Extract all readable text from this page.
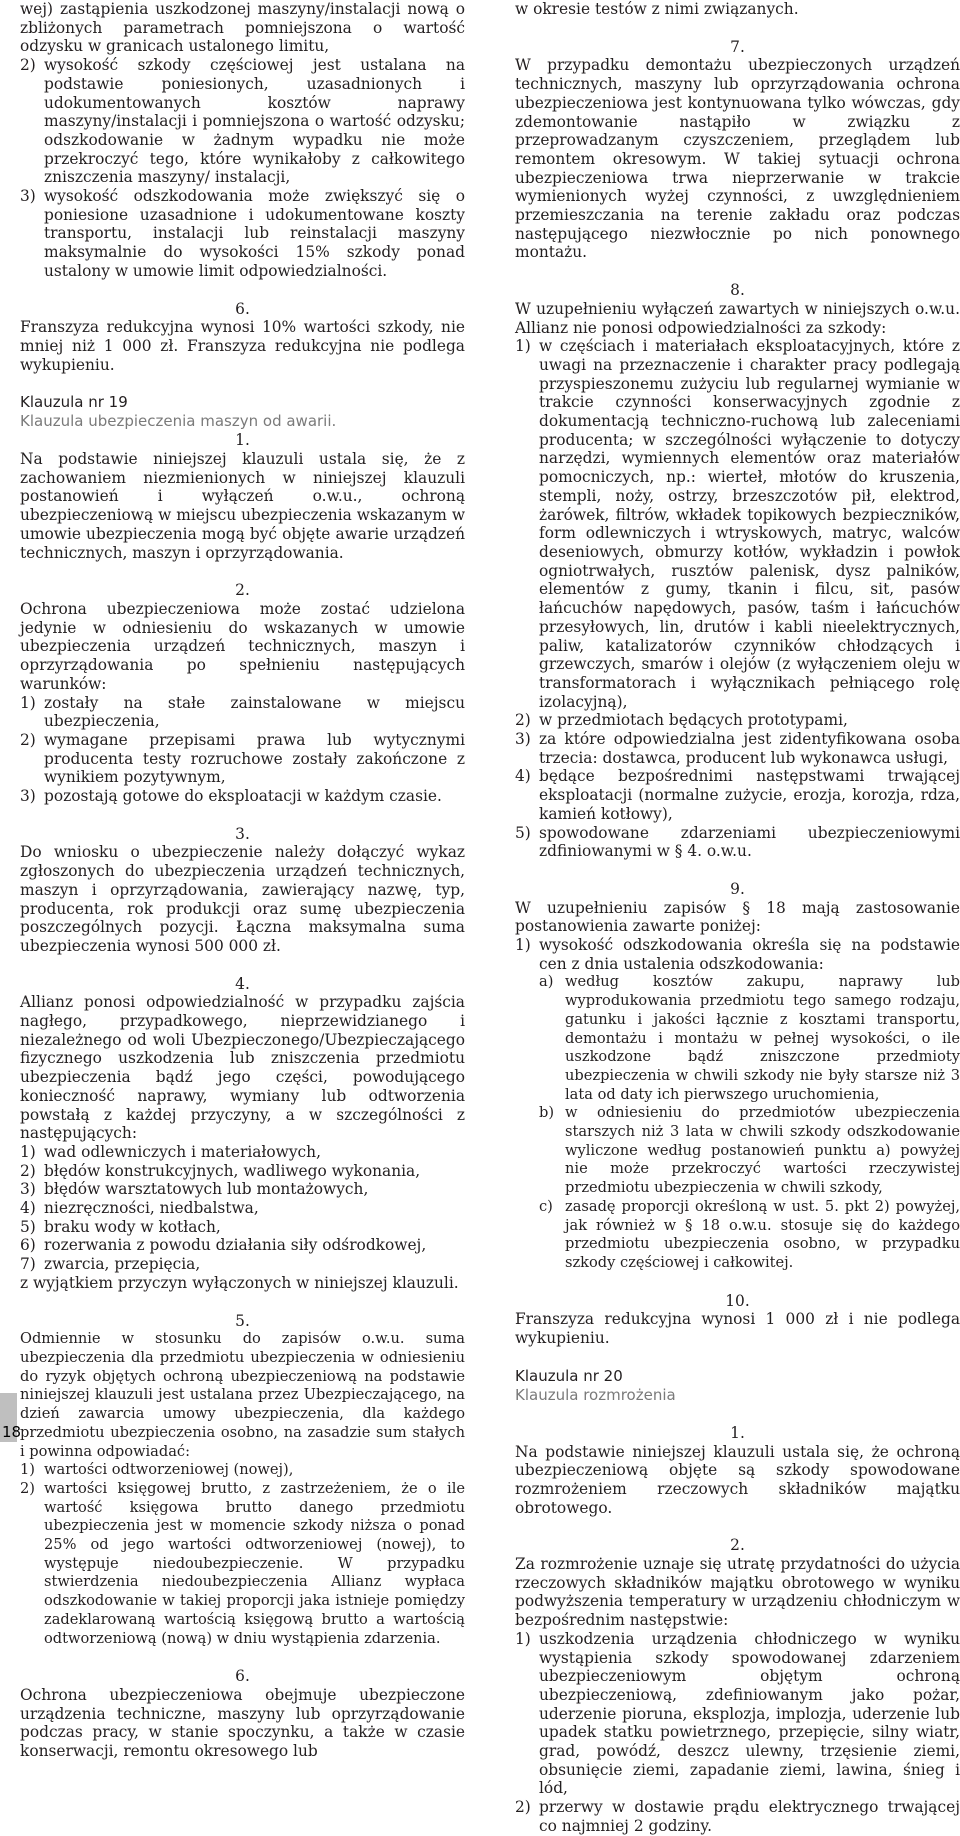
wej) zastąpienia uszkodzonej maszyny/instalacji nową o zbliżonych parametrach pomniejszona o wartość odzysku w granicach ustalonego limitu,

2) wysokość szkody częściowej jest ustalana na podstawie poniesionych, uzasadnionych i udokumentowanych kosztów naprawy maszyny/instalacji i pomniejszona o wartość odzysku; odszkodowanie w żadnym wypadku nie może przekroczyć tego, które wynikałoby z całkowitego zniszczenia maszyny/ instalacji,
3) wysokość odszkodowania może zwiększyć się o poniesione uzasadnione i udokumentowane koszty transportu, instalacji lub reinstalacji maszyny maksymalnie do wysokości 15% szkody ponad ustalony w umowie limit odpowiedzialności.

6.

Franszyza redukcyjna wynosi 10% wartości szkody, nie mniej niż 1 000 zł. Franszyza redukcyjna nie podlega wykupieniu.

Klauzula nr 19
Klauzula ubezpieczenia maszyn od awarii.

1.

Na podstawie niniejszej klauzuli ustala się, że z zachowaniem niezmienionych w niniejszej klauzuli postanowień i wyłączeń o.w.u., ochroną ubezpieczeniową w miejscu ubezpieczenia wskazanym w umowie ubezpieczenia mogą być objęte awarie urządzeń technicznych, maszyn i oprzyrządowania.

2.

Ochrona ubezpieczeniowa może zostać udzielona jedynie w odniesieniu do wskazanych w umowie ubezpieczenia urządzeń technicznych, maszyn i oprzyrządowania po spełnieniu następujących warunków:

1) zostały na stałe zainstalowane w miejscu ubezpieczenia,
2) wymagane przepisami prawa lub wytycznymi producenta testy rozruchowe zostały zakończone z wynikiem pozytywnym,
3) pozostają gotowe do eksploatacji w każdym czasie.

3.

Do wniosku o ubezpieczenie należy dołączyć wykaz zgłoszonych do ubezpieczenia urządzeń technicznych, maszyn i oprzyrządowania, zawierający nazwę, typ, producenta, rok produkcji oraz sumę ubezpieczenia poszczególnych pozycji. Łączna maksymalna suma ubezpieczenia wynosi 500 000 zł.

4.

Allianz ponosi odpowiedzialność w przypadku zajścia nagłego, przypadkowego, nieprzewidzianego i niezależnego od woli Ubezpieczonego/Ubezpieczającego fizycznego uszkodzenia lub zniszczenia przedmiotu ubezpieczenia bądź jego części, powodującego konieczność naprawy, wymiany lub odtworzenia powstałą z każdej przyczyny, a w szczególności z następujących:

1) wad odlewniczych i materiałowych,
2) błędów konstrukcyjnych, wadliwego wykonania,
3) błędów warsztatowych lub montażowych,
4) niezręczności, niedbalstwa,
5) braku wody w kotłach,
6) rozerwania z powodu działania siły odśrodkowej,
7) zwarcia, przepięcia,

z wyjątkiem przyczyn wyłączonych w niniejszej klauzuli.

5.

Odmiennie w stosunku do zapisów o.w.u. suma ubezpieczenia dla przedmiotu ubezpieczenia w odniesieniu do ryzyk objętych ochroną ubezpieczeniową na podstawie niniejszej klauzuli jest ustalana przez Ubezpieczającego, na dzień zawarcia umowy ubezpieczenia, dla każdego przedmiotu ubezpieczenia osobno, na zasadzie sum stałych i powinna odpowiadać:

1) wartości odtworzeniowej (nowej),
2) wartości księgowej brutto, z zastrzeżeniem, że o ile wartość księgowa brutto danego przedmiotu ubezpieczenia jest w momencie szkody niższa o ponad 25% od jego wartości odtworzeniowej (nowej), to występuje niedoubezpieczenie. W przypadku stwierdzenia niedoubezpieczenia Allianz wypłaca odszkodowanie w takiej proporcji jaka istnieje pomiędzy zadeklarowaną wartością księgową brutto a wartością odtworzeniową (nową) w dniu wystąpienia zdarzenia.

6.

Ochrona ubezpieczeniowa obejmuje ubezpieczone urządzenia techniczne, maszyny lub oprzyrządowanie podczas pracy, w stanie spoczynku, a także w czasie konserwacji, remontu okresowego lub

w okresie testów z nimi związanych.

7.

W przypadku demontażu ubezpieczonych urządzeń technicznych, maszyny lub oprzyrządowania ochrona ubezpieczeniowa jest kontynuowana tylko wówczas, gdy zdemontowanie nastąpiło w związku z przeprowadzanym czyszczeniem, przeglądem lub remontem okresowym. W takiej sytuacji ochrona ubezpieczeniowa trwa nieprzerwanie w trakcie wymienionych wyżej czynności, z uwzględnieniem przemieszczania na terenie zakładu oraz podczas następującego niezwłocznie po nich ponownego montażu.

8.

W uzupełnieniu wyłączeń zawartych w niniejszych o.w.u. Allianz nie ponosi odpowiedzialności za szkody:

1) w częściach i materiałach eksploatacyjnych, które z uwagi na przeznaczenie i charakter pracy podlegają przyspieszonemu zużyciu lub regularnej wymianie w trakcie czynności konserwacyjnych zgodnie z dokumentacją techniczno-ruchową lub zaleceniami producenta; w szczególności wyłączenie to dotyczy narzędzi, wymiennych elementów oraz materiałów pomocniczych, np.: wierteł, młotów do kruszenia, stempli, noży, ostrzy, brzeszczotów pił, elektrod, żarówek, filtrów, wkładek topikowych bezpieczników, form odlewniczych i wtryskowych, matryc, walców deseniowych, obmurzy kotłów, wykładzin i powłok ogniotrwałych, rusztów palenisk, dysz palników, elementów z gumy, tkanin i filcu, sit, pasów łańcuchów napędowych, pasów, taśm i łańcuchów przesyłowych, lin, drutów i kabli nieelektrycznych, paliw, katalizatorów czynników chłodzących i grzewczych, smarów i olejów (z wyłączeniem oleju w transformatorach i wyłącznikach pełniącego rolę izolacyjną),
2) w przedmiotach będących prototypami,
3) za które odpowiedzialna jest zidentyfikowana osoba trzecia: dostawca, producent lub wykonawca usługi,
4) będące bezpośrednimi następstwami trwającej eksploatacji (normalne zużycie, erozja, korozja, rdza, kamień kotłowy),
5) spowodowane zdarzeniami ubezpieczeniowymi zdfiniowanymi w § 4. o.w.u.

9.

W uzupełnieniu zapisów § 18 mają zastosowanie postanowienia zawarte poniżej:

1) wysokość odszkodowania określa się na podstawie cen z dnia ustalenia odszkodowania:
a) według kosztów zakupu, naprawy lub wyprodukowania przedmiotu tego samego rodzaju, gatunku i jakości łącznie z kosztami transportu, demontażu i montażu w pełnej wysokości, o ile uszkodzone bądź zniszczone przedmioty ubezpieczenia w chwili szkody nie były starsze niż 3 lata od daty ich pierwszego uruchomienia,
b) w odniesieniu do przedmiotów ubezpieczenia starszych niż 3 lata w chwili szkody odszkodowanie wyliczone według postanowień punktu a) powyżej nie może przekroczyć wartości rzeczywistej przedmiotu ubezpieczenia w chwili szkody,
c) zasadę proporcji określoną w ust. 5. pkt 2) powyżej, jak również w § 18 o.w.u. stosuje się do każdego przedmiotu ubezpieczenia osobno, w przypadku szkody częściowej i całkowitej.

10.

Franszyza redukcyjna wynosi 1 000 zł i nie podlega wykupieniu.

Klauzula nr 20
Klauzula rozmrożenia

1.

Na podstawie niniejszej klauzuli ustala się, że ochroną ubezpieczeniową objęte są szkody spowodowane rozmrożeniem rzeczowych składników majątku obrotowego.

2.

Za rozmrożenie uznaje się utratę przydatności do użycia rzeczowych składników majątku obrotowego w wyniku podwyższenia temperatury w urządzeniu chłodniczym w bezpośrednim następstwie:

1) uszkodzenia urządzenia chłodniczego w wyniku wystąpienia szkody spowodowanej zdarzeniem ubezpieczeniowym objętym ochroną ubezpieczeniową, zdefiniowanym jako pożar, uderzenie pioruna, eksplozja, implozja, uderzenie lub upadek statku powietrznego, przepięcie, silny wiatr, grad, powódź, deszcz ulewny, trzęsienie ziemi, obsunięcie ziemi, zapadanie ziemi, lawina, śnieg i lód,
2) przerwy w dostawie prądu elektrycznego trwającej co najmniej 2 godziny.
18
